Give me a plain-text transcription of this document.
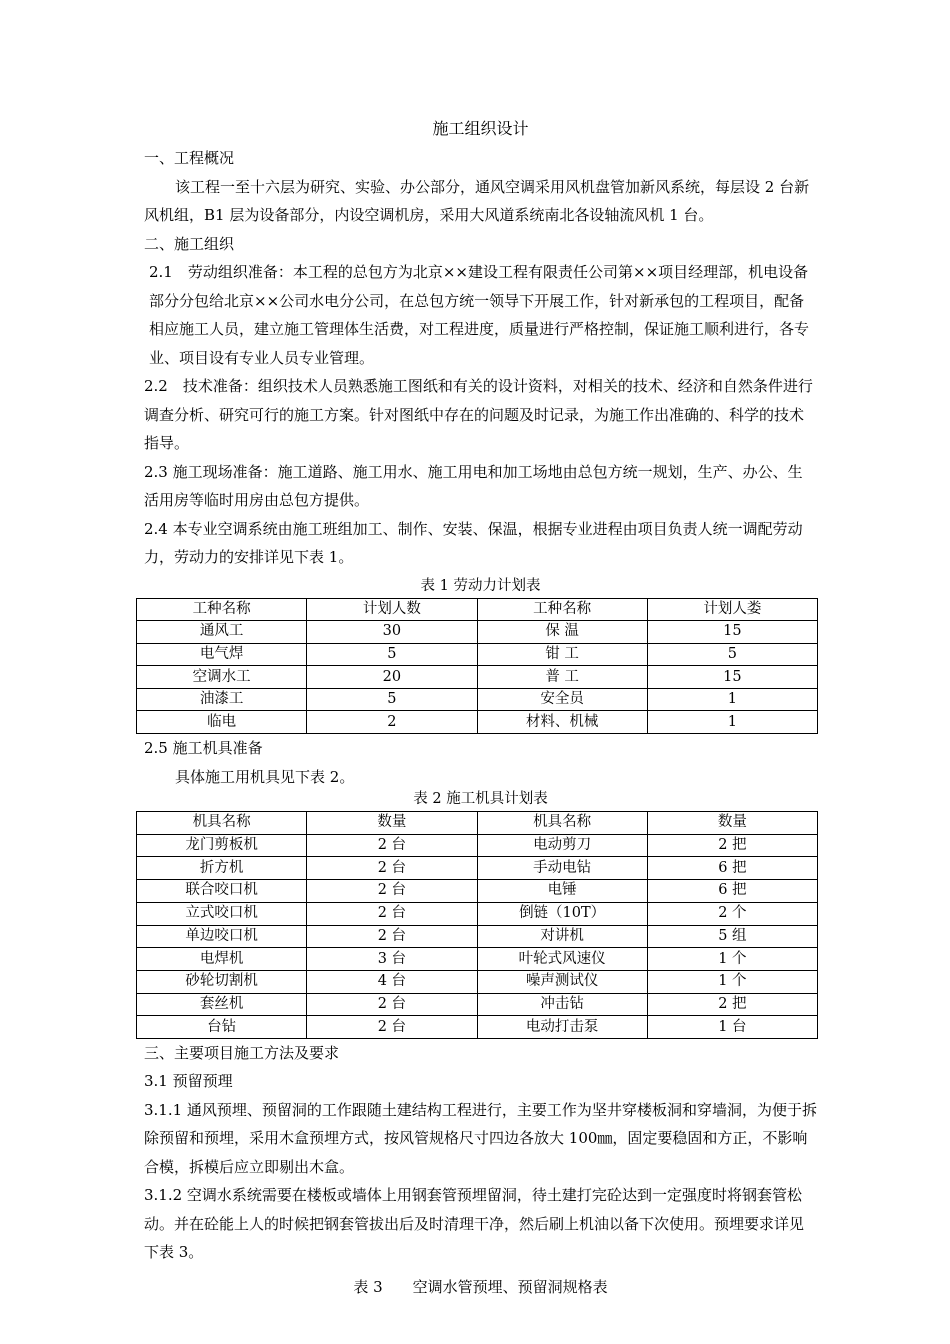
施工组织设计

一、工程概况

该工程一至十六层为研究、实验、办公部分，通风空调采用风机盘管加新风系统，每层设 2 台新风机组，B1 层为设备部分，内设空调机房，采用大风道系统南北各设轴流风机 1 台。

二、施工组织

2.1　劳动组织准备：本工程的总包方为北京××建设工程有限责任公司第××项目经理部，机电设备部分分包给北京××公司水电分公司，在总包方统一领导下开展工作，针对新承包的工程项目，配备相应施工人员，建立施工管理体生活费，对工程进度，质量进行严格控制，保证施工顺利进行，各专业、项目设有专业人员专业管理。

2.2　技术准备：组织技术人员熟悉施工图纸和有关的设计资料，对相关的技术、经济和自然条件进行调查分析、研究可行的施工方案。针对图纸中存在的问题及时记录，为施工作出准确的、科学的技术指导。

2.3 施工现场准备：施工道路、施工用水、施工用电和加工场地由总包方统一规划，生产、办公、生活用房等临时用房由总包方提供。

2.4 本专业空调系统由施工班组加工、制作、安装、保温，根据专业进程由项目负责人统一调配劳动力，劳动力的安排详见下表 1。

表 1 劳动力计划表
工种名称	计划人数	工种名称	计划人娄
通风工	30	保 温	15
电气焊	5	钳 工	5
空调水工	20	普 工	15
油漆工	5	安全员	1
临电	2	材料、机械	1

2.5 施工机具准备

具体施工用机具见下表 2。

表 2 施工机具计划表
机具名称	数量	机具名称	数量
龙门剪板机	2 台	电动剪刀	2 把
折方机	2 台	手动电钻	6 把
联合咬口机	2 台	电锤	6 把
立式咬口机	2 台	倒链（10T）	2 个
单边咬口机	2 台	对讲机	5 组
电焊机	3 台	叶轮式风速仪	1 个
砂轮切割机	4 台	噪声测试仪	1 个
套丝机	2 台	冲击钻	2 把
台钻	2 台	电动打击泵	1 台

三、主要项目施工方法及要求

3.1 预留预理

3.1.1 通风预埋、预留洞的工作跟随土建结构工程进行，主要工作为坚井穿楼板洞和穿墙洞，为便于拆除预留和预埋，采用木盒预埋方式，按风管规格尺寸四边各放大 100㎜，固定要稳固和方正，不影响合模，拆模后应立即剔出木盒。

3.1.2 空调水系统需要在楼板或墙体上用钢套管预埋留洞，待土建打完砼达到一定强度时将钢套管松动。并在砼能上人的时候把钢套管拔出后及时清理干净，然后刷上机油以备下次使用。预埋要求详见下表 3。

表 3 空调水管预埋、预留洞规格表
